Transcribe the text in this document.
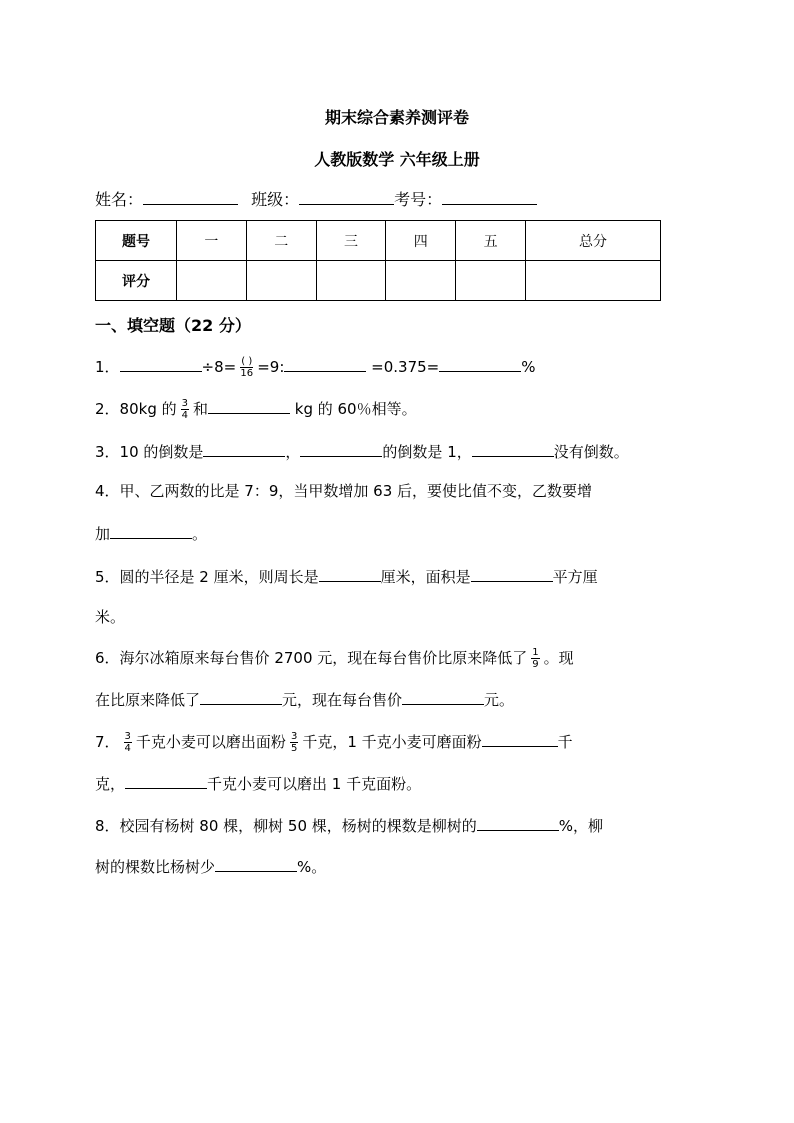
期末综合素养测评卷
人教版数学 六年级上册
姓名：	班级：	考号：
题号	一	二	三	四	五	总分
评分						
一、填空题（22 分）
1．	$\div 8= \frac{( )}{16} =9$:	=0.375=	%
2．80kg 的 $\frac{3}{4}$ 和	kg 的 60％相等。
3．10 的倒数是	，	的倒数是 1，	没有倒数。
4．甲、乙两数的比是 7：9，当甲数增加 63 后，要使比值不变，乙数要增
加	。
5．圆的半径是 2 厘米，则周长是	厘米，面积是	平方厘
米。
6．海尔冰箱原来每台售价 2700 元，现在每台售价比原来降低了 $\frac{1}{9}$ 。现
在比原来降低了	元，现在每台售价	元。
7． $\frac{3}{4}$ 千克小麦可以磨出面粉 $\frac{3}{5}$ 千克，1 千克小麦可磨面粉	千
克，	千克小麦可以磨出 1 千克面粉。
8．校园有杨树 80 棵，柳树 50 棵，杨树的棵数是柳树的	%，柳
树的棵数比杨树少	%。
